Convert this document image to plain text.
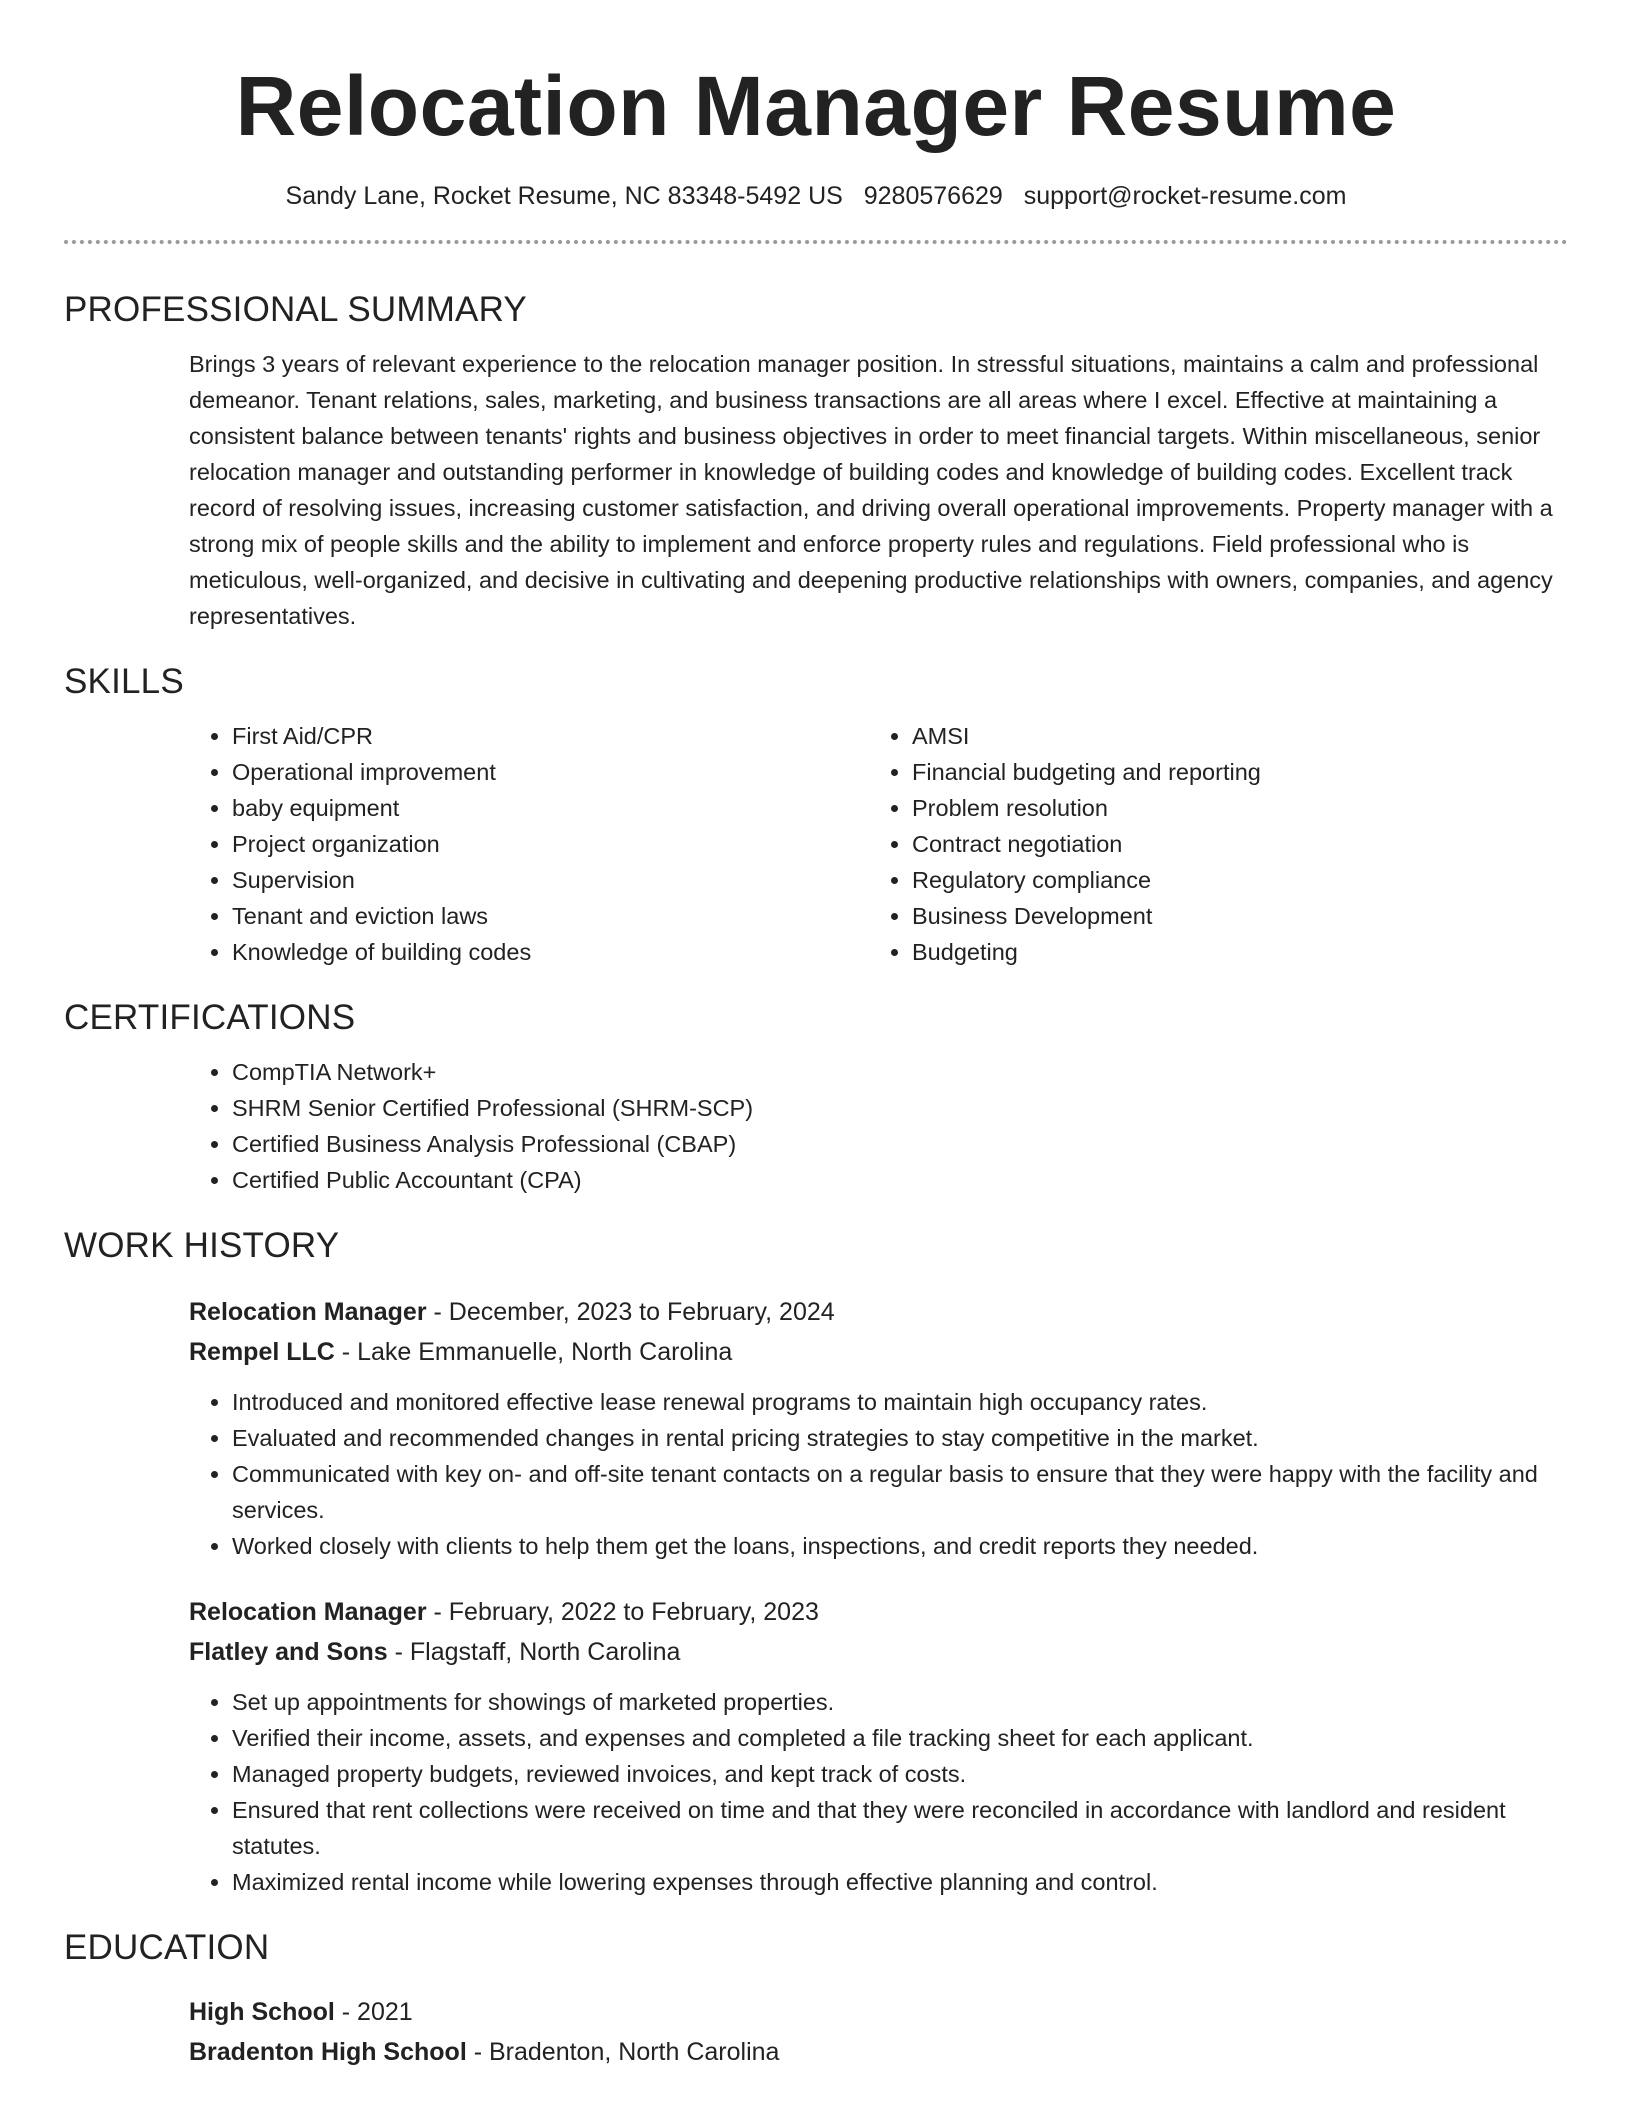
Relocation Manager Resume
Sandy Lane, Rocket Resume, NC 83348-5492 US 9280576629 support@rocket-resume.com
PROFESSIONAL SUMMARY
Brings 3 years of relevant experience to the relocation manager position. In stressful situations, maintains a calm and professional demeanor. Tenant relations, sales, marketing, and business transactions are all areas where I excel. Effective at maintaining a consistent balance between tenants' rights and business objectives in order to meet financial targets. Within miscellaneous, senior relocation manager and outstanding performer in knowledge of building codes and knowledge of building codes. Excellent track record of resolving issues, increasing customer satisfaction, and driving overall operational improvements. Property manager with a strong mix of people skills and the ability to implement and enforce property rules and regulations. Field professional who is meticulous, well-organized, and decisive in cultivating and deepening productive relationships with owners, companies, and agency representatives.
SKILLS
• First Aid/CPR
• Operational improvement
• baby equipment
• Project organization
• Supervision
• Tenant and eviction laws
• Knowledge of building codes
• AMSI
• Financial budgeting and reporting
• Problem resolution
• Contract negotiation
• Regulatory compliance
• Business Development
• Budgeting
CERTIFICATIONS
• CompTIA Network+
• SHRM Senior Certified Professional (SHRM-SCP)
• Certified Business Analysis Professional (CBAP)
• Certified Public Accountant (CPA)
WORK HISTORY
Relocation Manager - December, 2023 to February, 2024
Rempel LLC - Lake Emmanuelle, North Carolina
• Introduced and monitored effective lease renewal programs to maintain high occupancy rates.
• Evaluated and recommended changes in rental pricing strategies to stay competitive in the market.
• Communicated with key on- and off-site tenant contacts on a regular basis to ensure that they were happy with the facility and services.
• Worked closely with clients to help them get the loans, inspections, and credit reports they needed.
Relocation Manager - February, 2022 to February, 2023
Flatley and Sons - Flagstaff, North Carolina
• Set up appointments for showings of marketed properties.
• Verified their income, assets, and expenses and completed a file tracking sheet for each applicant.
• Managed property budgets, reviewed invoices, and kept track of costs.
• Ensured that rent collections were received on time and that they were reconciled in accordance with landlord and resident statutes.
• Maximized rental income while lowering expenses through effective planning and control.
EDUCATION
High School - 2021
Bradenton High School - Bradenton, North Carolina
